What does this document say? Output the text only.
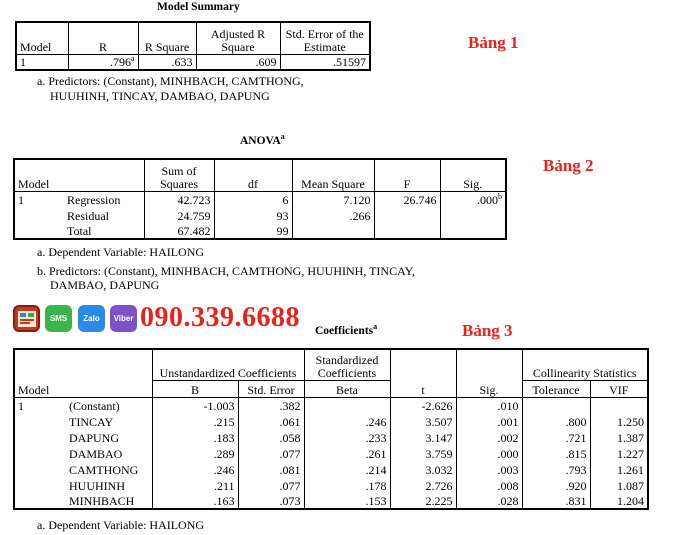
Model Summary
Bảng 1
Model	R	R Square	Adjusted R Square	Std. Error of the Estimate
1	.796$^a$	.633	.609	.51597
a. Predictors: (Constant), MINHBACH, CAMTHONG,
HUUHINH, TINCAY, DAMBAO, DAPUNG
ANOVA$^a$
Bảng 2
Model		Sum of Squares	df	Mean Square	F	Sig.
1	Regression	42.723	6	7.120	26.746	.000$^b$
	Residual	24.759	93	.266		
	Total	67.482	99			
a. Dependent Variable: HAILONG
b. Predictors: (Constant), MINHBACH, CAMTHONG, HUUHINH, TINCAY,
DAMBAO, DAPUNG
SMS	Zalo	Viber 090.339.6688 Coefficients$^a$	Bảng 3
Model		Unstandardized Coefficients		Standardized Coefficients	t	Sig.	Collinearity Statistics	
		B	Std. Error	Beta			Tolerance	VIF
1	(Constant)	-1.003	.382		-2.626	.010		
	TINCAY	.215	.061	.246	3.507	.001	.800	1.250
	DAPUNG	.183	.058	.233	3.147	.002	.721	1.387
	DAMBAO	.289	.077	.261	3.759	.000	.815	1.227
	CAMTHONG	.246	.081	.214	3.032	.003	.793	1.261
	HUUHINH	.211	.077	.178	2.726	.008	.920	1.087
	MINHBACH	.163	.073	.153	2.225	.028	.831	1.204
a. Dependent Variable: HAILONG
